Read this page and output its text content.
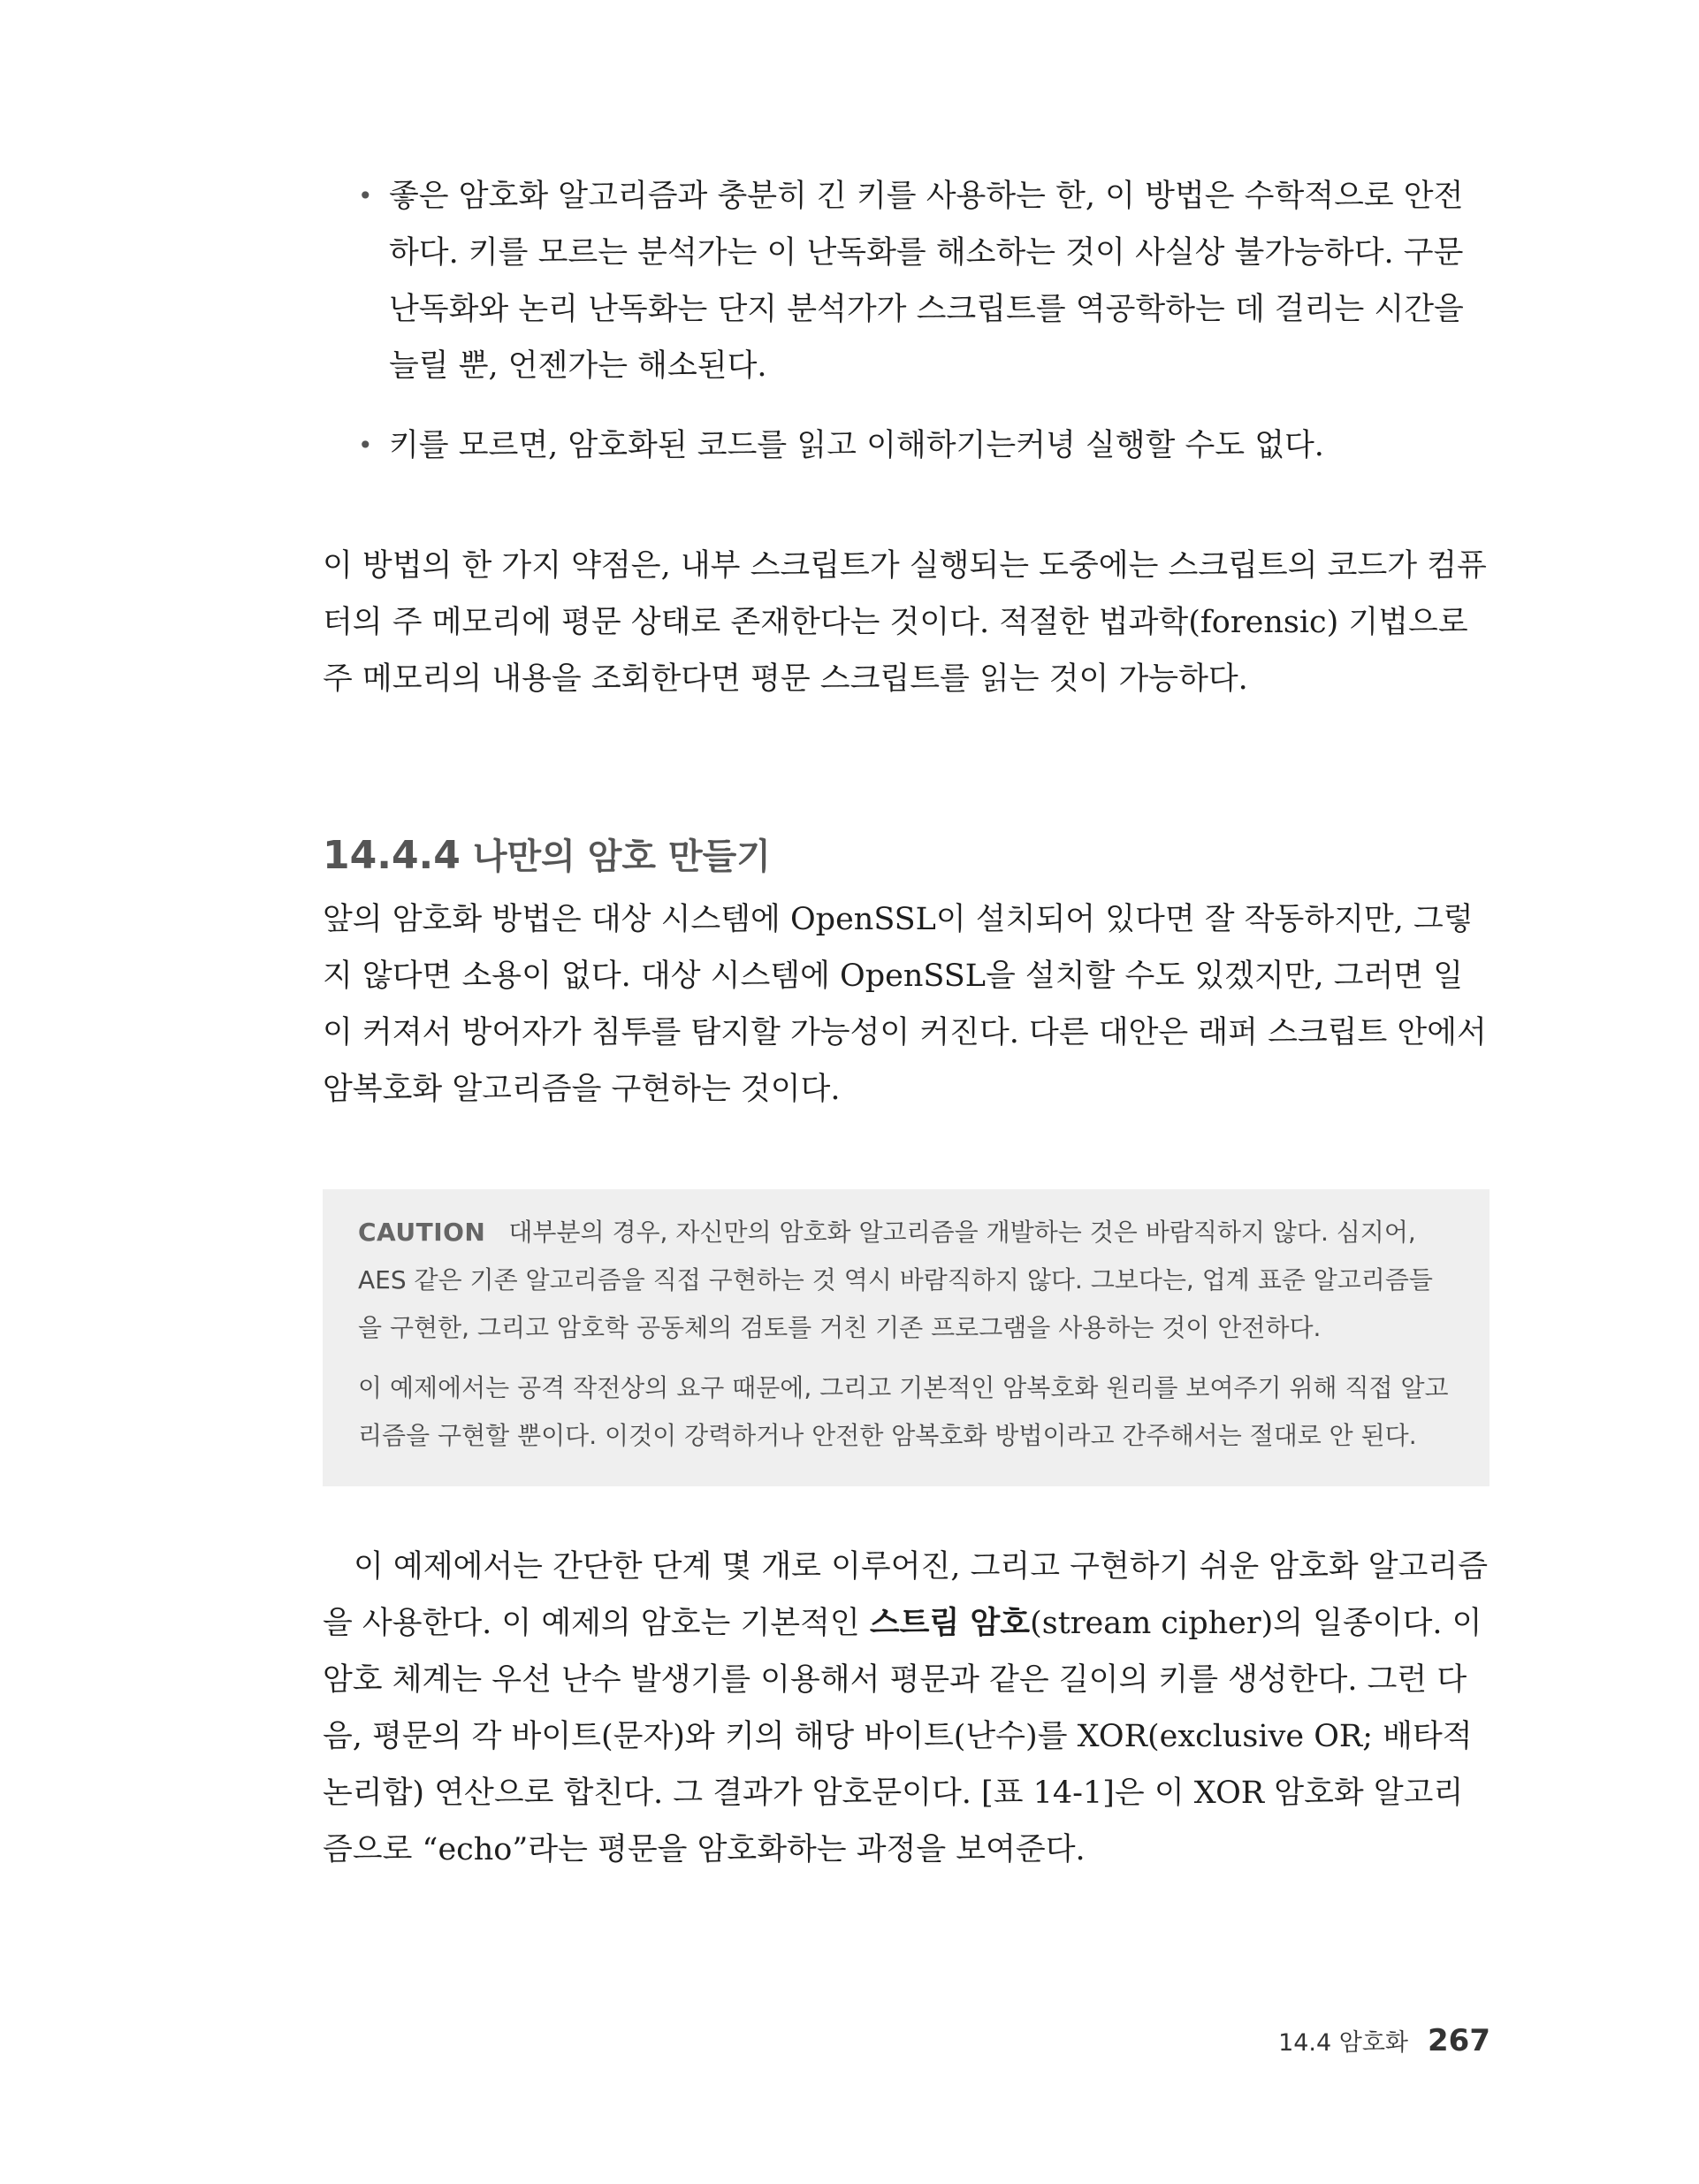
• 좋은 암호화 알고리즘과 충분히 긴 키를 사용하는 한, 이 방법은 수학적으로 안전하다. 키를 모르는 분석가는 이 난독화를 해소하는 것이 사실상 불가능하다. 구문 난독화와 논리 난독화는 단지 분석가가 스크립트를 역공학하는 데 걸리는 시간을 늘릴 뿐, 언젠가는 해소된다.
• 키를 모르면, 암호화된 코드를 읽고 이해하기는커녕 실행할 수도 없다.

이 방법의 한 가지 약점은, 내부 스크립트가 실행되는 도중에는 스크립트의 코드가 컴퓨터의 주 메모리에 평문 상태로 존재한다는 것이다. 적절한 법과학(forensic) 기법으로 주 메모리의 내용을 조회한다면 평문 스크립트를 읽는 것이 가능하다.

14.4.4 나만의 암호 만들기

앞의 암호화 방법은 대상 시스템에 OpenSSL이 설치되어 있다면 잘 작동하지만, 그렇지 않다면 소용이 없다. 대상 시스템에 OpenSSL을 설치할 수도 있겠지만, 그러면 일이 커져서 방어자가 침투를 탐지할 가능성이 커진다. 다른 대안은 래퍼 스크립트 안에서 암복호화 알고리즘을 구현하는 것이다.

CAUTION 대부분의 경우, 자신만의 암호화 알고리즘을 개발하는 것은 바람직하지 않다. 심지어, AES 같은 기존 알고리즘을 직접 구현하는 것 역시 바람직하지 않다. 그보다는, 업계 표준 알고리즘들을 구현한, 그리고 암호학 공동체의 검토를 거친 기존 프로그램을 사용하는 것이 안전하다.

이 예제에서는 공격 작전상의 요구 때문에, 그리고 기본적인 암복호화 원리를 보여주기 위해 직접 알고리즘을 구현할 뿐이다. 이것이 강력하거나 안전한 암복호화 방법이라고 간주해서는 절대로 안 된다.

이 예제에서는 간단한 단계 몇 개로 이루어진, 그리고 구현하기 쉬운 암호화 알고리즘을 사용한다. 이 예제의 암호는 기본적인 스트림 암호(stream cipher)의 일종이다. 이 암호 체계는 우선 난수 발생기를 이용해서 평문과 같은 길이의 키를 생성한다. 그런 다음, 평문의 각 바이트(문자)와 키의 해당 바이트(난수)를 XOR(exclusive OR; 배타적 논리합) 연산으로 합친다. 그 결과가 암호문이다. [표 14-1]은 이 XOR 암호화 알고리즘으로 “echo”라는 평문을 암호화하는 과정을 보여준다.

14.4 암호화 267
